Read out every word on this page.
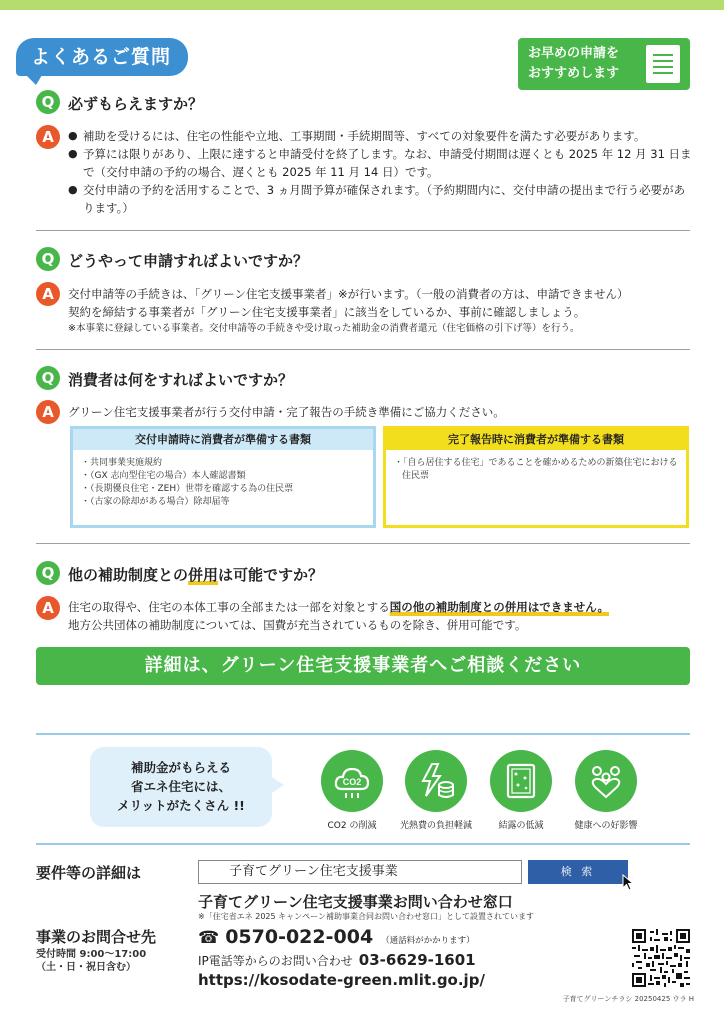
よくあるご質問	お早めの申請を
おすすめします
Q 必ずもらえますか？
A
●	補助を受けるには、住宅の性能や立地、工事期間・手続期間等、すべての対象要件を満たす必要があります。
● 予算には限りがあり、上限に達すると申請受付を終了します。なお、申請受付期間は遅くとも 2025 年 12 月 31 日まで（交付申請の予約の場合、遅くとも 2025 年 11 月 14 日）です。
● 交付申請の予約を活用することで、3 ヵ月間予算が確保されます。（予約期間内に、交付申請の提出まで行う必要があります。）
Q どうやって申請すればよいですか？
A	交付申請等の手続きは、「グリーン住宅支援事業者」※が行います。（一般の消費者の方は、申請できません）
契約を締結する事業者が「グリーン住宅支援事業者」に該当をしているか、事前に確認しましょう。
※本事業に登録している事業者。交付申請等の手続きや受け取った補助金の消費者還元（住宅価格の引下げ等）を行う。
Q 消費者は何をすればよいですか？
A	グリーン住宅支援事業者が行う交付申請・完了報告の手続き準備にご協力ください。
交付申請時に消費者が準備する書類
・共同事業実施規約
・（GX 志向型住宅の場合）本人確認書類
・（長期優良住宅・ZEH）世帯を確認する為の住民票
・（古家の除却がある場合）除却届等
完了報告時に消費者が準備する書類
・「自ら居住する住宅」であることを確かめるための新築住宅における住民票
Q 他の補助制度との併用は可能ですか？
A	住宅の取得や、住宅の本体工事の全部または一部を対象とする国の他の補助制度との併用はできません。
地方公共団体の補助制度については、国費が充当されているものを除き、併用可能です。
詳細は、グリーン住宅支援事業者へご相談ください
補助金がもらえる
省エネ住宅には、
メリットがたくさん !!
CO2
CO2 の削減	光熱費の負担軽減	結露の低減	健康への好影響
要件等の詳細は	子育てグリーン住宅支援事業	検 索
子育てグリーン住宅支援事業お問い合わせ窓口
※「住宅省エネ 2025 キャンペーン補助事業合同お問い合わせ窓口」として設置されています
事業のお問合せ先
受付時間 9:00～17:00
（土・日・祝日含む）
☎ 0570-022-004 （通話料がかかります）
IP電話等からのお問い合わせ 03-6629-1601
https://kosodate-green.mlit.go.jp/
子育てグリーンチラシ 20250425 ウラ H
